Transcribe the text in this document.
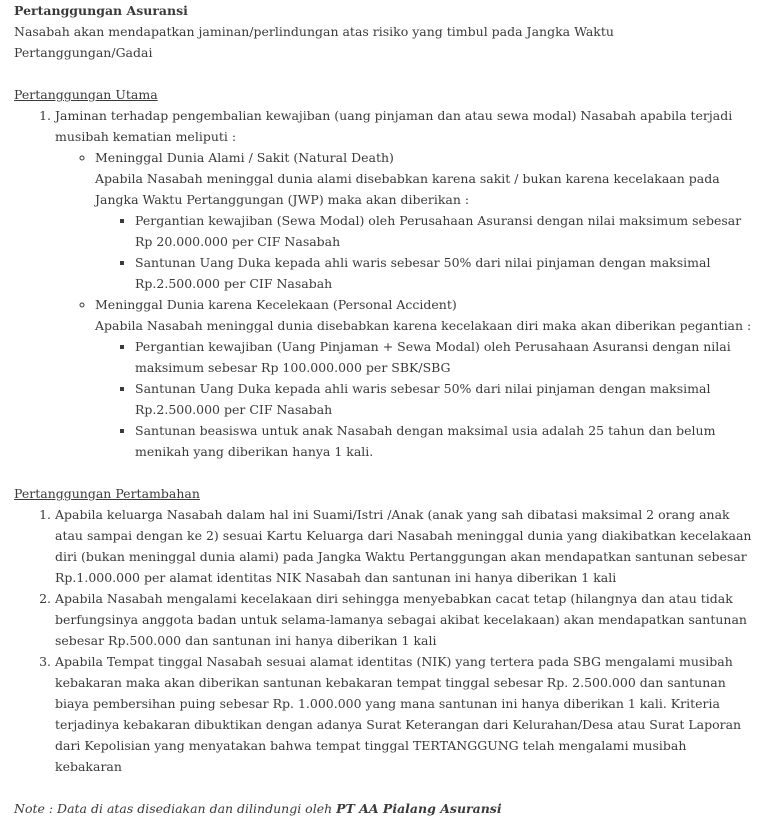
Pertanggungan Asuransi

Nasabah akan mendapatkan jaminan/perlindungan atas risiko yang timbul pada Jangka Waktu Pertanggungan/Gadai

Pertanggungan Utama

1. Jaminan terhadap pengembalian kewajiban (uang pinjaman dan atau sewa modal) Nasabah apabila terjadi musibah kematian meliputi :
◦ Meninggal Dunia Alami / Sakit (Natural Death)
Apabila Nasabah meninggal dunia alami disebabkan karena sakit / bukan karena kecelakaan pada Jangka Waktu Pertanggungan (JWP) maka akan diberikan :
▪ Pergantian kewajiban (Sewa Modal) oleh Perusahaan Asuransi dengan nilai maksimum sebesar Rp 20.000.000 per CIF Nasabah
▪ Santunan Uang Duka kepada ahli waris sebesar 50% dari nilai pinjaman dengan maksimal Rp.2.500.000 per CIF Nasabah
◦ Meninggal Dunia karena Kecelekaan (Personal Accident)
Apabila Nasabah meninggal dunia disebabkan karena kecelakaan diri maka akan diberikan pegantian :
▪ Pergantian kewajiban (Uang Pinjaman + Sewa Modal) oleh Perusahaan Asuransi dengan nilai maksimum sebesar Rp 100.000.000 per SBK/SBG
▪ Santunan Uang Duka kepada ahli waris sebesar 50% dari nilai pinjaman dengan maksimal Rp.2.500.000 per CIF Nasabah
▪ Santunan beasiswa untuk anak Nasabah dengan maksimal usia adalah 25 tahun dan belum menikah yang diberikan hanya 1 kali.

Pertanggungan Pertambahan

1. Apabila keluarga Nasabah dalam hal ini Suami/Istri /Anak (anak yang sah dibatasi maksimal 2 orang anak atau sampai dengan ke 2) sesuai Kartu Keluarga dari Nasabah meninggal dunia yang diakibatkan kecelakaan diri (bukan meninggal dunia alami) pada Jangka Waktu Pertanggungan akan mendapatkan santunan sebesar Rp.1.000.000 per alamat identitas NIK Nasabah dan santunan ini hanya diberikan 1 kali
2. Apabila Nasabah mengalami kecelakaan diri sehingga menyebabkan cacat tetap (hilangnya dan atau tidak berfungsinya anggota badan untuk selama-lamanya sebagai akibat kecelakaan) akan mendapatkan santunan sebesar Rp.500.000 dan santunan ini hanya diberikan 1 kali
3. Apabila Tempat tinggal Nasabah sesuai alamat identitas (NIK) yang tertera pada SBG mengalami musibah kebakaran maka akan diberikan santunan kebakaran tempat tinggal sebesar Rp. 2.500.000 dan santunan biaya pembersihan puing sebesar Rp. 1.000.000 yang mana santunan ini hanya diberikan 1 kali. Kriteria terjadinya kebakaran dibuktikan dengan adanya Surat Keterangan dari Kelurahan/Desa atau Surat Laporan dari Kepolisian yang menyatakan bahwa tempat tinggal TERTANGGUNG telah mengalami musibah kebakaran

Note : Data di atas disediakan dan dilindungi oleh PT AA Pialang Asuransi
